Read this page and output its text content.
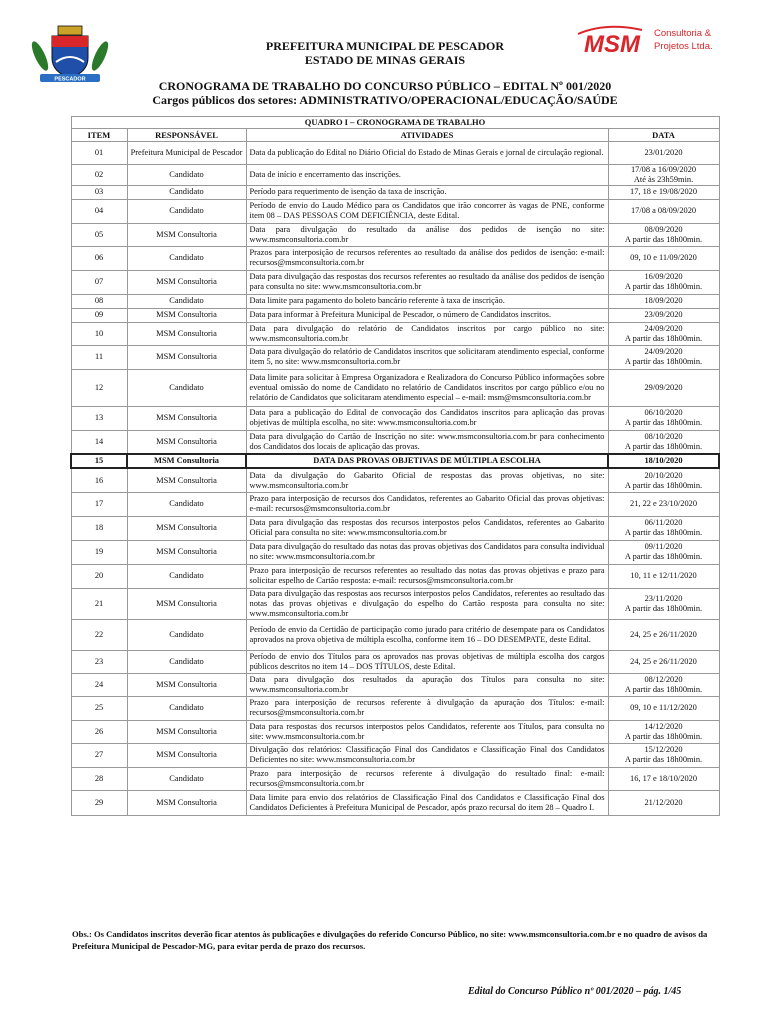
PESCADOR
MSM Consultoria &
Projetos Ltda.
PREFEITURA MUNICIPAL DE PESCADOR
ESTADO DE MINAS GERAIS
CRONOGRAMA DE TRABALHO DO CONCURSO PÚBLICO – EDITAL Nº 001/2020
Cargos públicos dos setores: ADMINISTRATIVO/OPERACIONAL/EDUCAÇÃO/SAÚDE
QUADRO I – CRONOGRAMA DE TRABALHO			
ITEM	RESPONSÁVEL	ATIVIDADES	DATA
01	Prefeitura Municipal de Pescador	Data da publicação do Edital no Diário Oficial do Estado de Minas Gerais e jornal de circulação regional.	23/01/2020
02	Candidato	Data de início e encerramento das inscrições.	17/08 a 16/09/2020
Até às 23h59min.
03	Candidato	Período para requerimento de isenção da taxa de inscrição.	17, 18 e 19/08/2020
04	Candidato	Período de envio do Laudo Médico para os Candidatos que irão concorrer às vagas de PNE, conforme item 08 – DAS PESSOAS COM DEFICIÊNCIA, deste Edital.	17/08 a 08/09/2020
05	MSM Consultoria	Data para divulgação do resultado da análise dos pedidos de isenção no site: www.msmconsultoria.com.br	08/09/2020
A partir das 18h00min.
06	Candidato	Prazos para interposição de recursos referentes ao resultado da análise dos pedidos de isenção: e-mail: recursos@msmconsultoria.com.br	09, 10 e 11/09/2020
07	MSM Consultoria	Data para divulgação das respostas dos recursos referentes ao resultado da análise dos pedidos de isenção para consulta no site: www.msmconsultoria.com.br	16/09/2020
A partir das 18h00min.
08	Candidato	Data limite para pagamento do boleto bancário referente à taxa de inscrição.	18/09/2020
09	MSM Consultoria	Data para informar à Prefeitura Municipal de Pescador, o número de Candidatos inscritos.	23/09/2020
10	MSM Consultoria	Data para divulgação do relatório de Candidatos inscritos por cargo público no site: www.msmconsultoria.com.br	24/09/2020
A partir das 18h00min.
11	MSM Consultoria	Data para divulgação do relatório de Candidatos inscritos que solicitaram atendimento especial, conforme item 5, no site: www.msmconsultoria.com.br	24/09/2020
A partir das 18h00min.
12	Candidato	Data limite para solicitar à Empresa Organizadora e Realizadora do Concurso Público informações sobre eventual omissão do nome de Candidato no relatório de Candidatos inscritos por cargo público e/ou no relatório de Candidatos que solicitaram atendimento especial – e-mail: msm@msmconsultoria.com.br	29/09/2020
13	MSM Consultoria	Data para a publicação do Edital de convocação dos Candidatos inscritos para aplicação das provas objetivas de múltipla escolha, no site: www.msmconsultoria.com.br	06/10/2020
A partir das 18h00min.
14	MSM Consultoria	Data para divulgação do Cartão de Inscrição no site: www.msmconsultoria.com.br para conhecimento dos Candidatos dos locais de aplicação das provas.	08/10/2020
A partir das 18h00min.
15	MSM Consultoria	DATA DAS PROVAS OBJETIVAS DE MÚLTIPLA ESCOLHA	18/10/2020
16	MSM Consultoria	Data da divulgação do Gabarito Oficial de respostas das provas objetivas, no site: www.msmconsultoria.com.br	20/10/2020
A partir das 18h00min.
17	Candidato	Prazo para interposição de recursos dos Candidatos, referentes ao Gabarito Oficial das provas objetivas: e-mail: recursos@msmconsultoria.com.br	21, 22 e 23/10/2020
18	MSM Consultoria	Data para divulgação das respostas dos recursos interpostos pelos Candidatos, referentes ao Gabarito Oficial para consulta no site: www.msmconsultoria.com.br	06/11/2020
A partir das 18h00min.
19	MSM Consultoria	Data para divulgação do resultado das notas das provas objetivas dos Candidatos para consulta individual no site: www.msmconsultoria.com.br	09/11/2020
A partir das 18h00min.
20	Candidato	Prazo para interposição de recursos referentes ao resultado das notas das provas objetivas e prazo para solicitar espelho de Cartão resposta: e-mail: recursos@msmconsultoria.com.br	10, 11 e 12/11/2020
21	MSM Consultoria	Data para divulgação das respostas aos recursos interpostos pelos Candidatos, referentes ao resultado das notas das provas objetivas e divulgação do espelho do Cartão resposta para consulta no site: www.msmconsultoria.com.br	23/11/2020
A partir das 18h00min.
22	Candidato	Período de envio da Certidão de participação como jurado para critério de desempate para os Candidatos aprovados na prova objetiva de múltipla escolha, conforme item 16 – DO DESEMPATE, deste Edital.	24, 25 e 26/11/2020
23	Candidato	Período de envio dos Títulos para os aprovados nas provas objetivas de múltipla escolha dos cargos públicos descritos no item 14 – DOS TÍTULOS, deste Edital.	24, 25 e 26/11/2020
24	MSM Consultoria	Data para divulgação dos resultados da apuração dos Títulos para consulta no site: www.msmconsultoria.com.br	08/12/2020
A partir das 18h00min.
25	Candidato	Prazo para interposição de recursos referente à divulgação da apuração dos Títulos: e-mail: recursos@msmconsultoria.com.br	09, 10 e 11/12/2020
26	MSM Consultoria	Data para respostas dos recursos interpostos pelos Candidatos, referente aos Títulos, para consulta no site: www.msmconsultoria.com.br	14/12/2020
A partir das 18h00min.
27	MSM Consultoria	Divulgação dos relatórios: Classificação Final dos Candidatos e Classificação Final dos Candidatos Deficientes no site: www.msmconsultoria.com.br	15/12/2020
A partir das 18h00min.
28	Candidato	Prazo para interposição de recursos referente à divulgação do resultado final: e-mail: recursos@msmconsultoria.com.br	16, 17 e 18/10/2020
29	MSM Consultoria	Data limite para envio dos relatórios de Classificação Final dos Candidatos e Classificação Final dos Candidatos Deficientes à Prefeitura Municipal de Pescador, após prazo recursal do item 28 – Quadro I.	21/12/2020
Obs.: Os Candidatos inscritos deverão ficar atentos às publicações e divulgações do referido Concurso Público, no site: www.msmconsultoria.com.br e no quadro de avisos da Prefeitura Municipal de Pescador-MG, para evitar perda de prazo dos recursos.
Edital do Concurso Público nº 001/2020 – pág. 1/45
